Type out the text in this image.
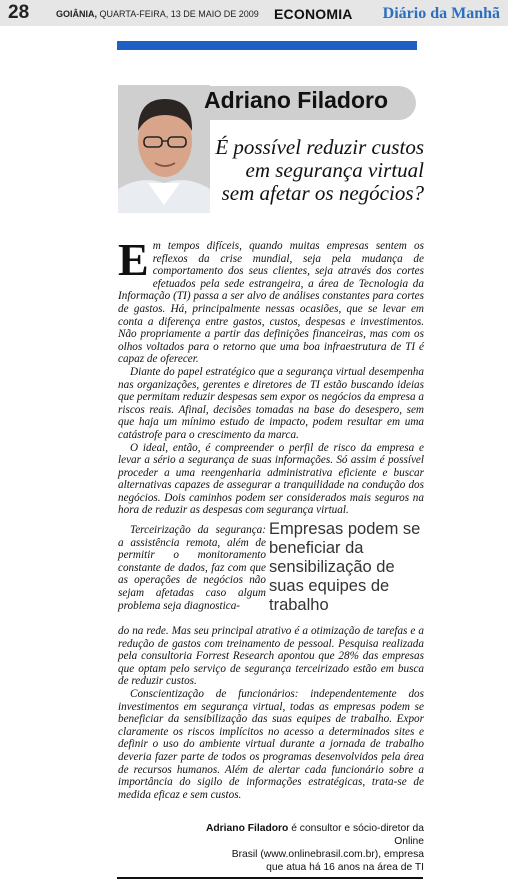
28	GOIÂNIA, QUARTA-FEIRA, 13 DE MAIO DE 2009 ECONOMIA Diário da Manhã
Adriano Filadoro
É possível reduzir custos
em segurança virtual
sem afetar os negócios?

Em tempos difíceis, quando muitas empresas sentem os reflexos da crise mundial, seja pela mudança de comportamento dos seus clientes, seja através dos cortes efetuados pela sede estrangeira, a área de Tecnologia da Informação (TI) passa a ser alvo de análises constantes para cortes de gastos. Há, principalmente nessas ocasiões, que se levar em conta a diferença entre gastos, custos, despesas e investimentos. Não propriamente a partir das definições financeiras, mas com os olhos voltados para o retorno que uma boa infraestrutura de TI é capaz de oferecer.

Diante do papel estratégico que a segurança virtual desempenha nas organizações, gerentes e diretores de TI estão buscando ideias que permitam reduzir despesas sem expor os negócios da empresa a riscos reais. Afinal, decisões tomadas na base do desespero, sem que haja um mínimo estudo de impacto, podem resultar em uma catástrofe para o crescimento da marca.

O ideal, então, é compreender o perfil de risco da empresa e levar a sério a segurança de suas informações. Só assim é possível proceder a uma reengenharia administrativa eficiente e buscar alternativas capazes de assegurar a tranquilidade na condução dos negócios. Dois caminhos podem ser considerados mais seguros na hora de reduzir as despesas com segurança virtual.

Terceirização da segurança: a assistência remota, além de permitir o monitoramento constante de dados, faz com que as operações de negócios não sejam afetadas caso algum problema seja diagnostica-

Empresas podem se beneficiar da sensibilização de suas equipes de trabalho

do na rede. Mas seu principal atrativo é a otimização de tarefas e a redução de gastos com treinamento de pessoal. Pesquisa realizada pela consultoria Forrest Research apontou que 28% das empresas que optam pelo serviço de segurança terceirizado estão em busca de reduzir custos.

Conscientização de funcionários: independentemente dos investimentos em segurança virtual, todas as empresas podem se beneficiar da sensibilização das suas equipes de trabalho. Expor claramente os riscos implícitos no acesso a determinados sites e definir o uso do ambiente virtual durante a jornada de trabalho deveria fazer parte de todos os programas desenvolvidos pela área de recursos humanos. Além de alertar cada funcionário sobre a importância do sigilo de informações estratégicas, trata-se de medida eficaz e sem custos.

Adriano Filadoro é consultor e sócio-diretor da Online
Brasil (www.onlinebrasil.com.br), empresa
que atua há 16 anos na área de TI
